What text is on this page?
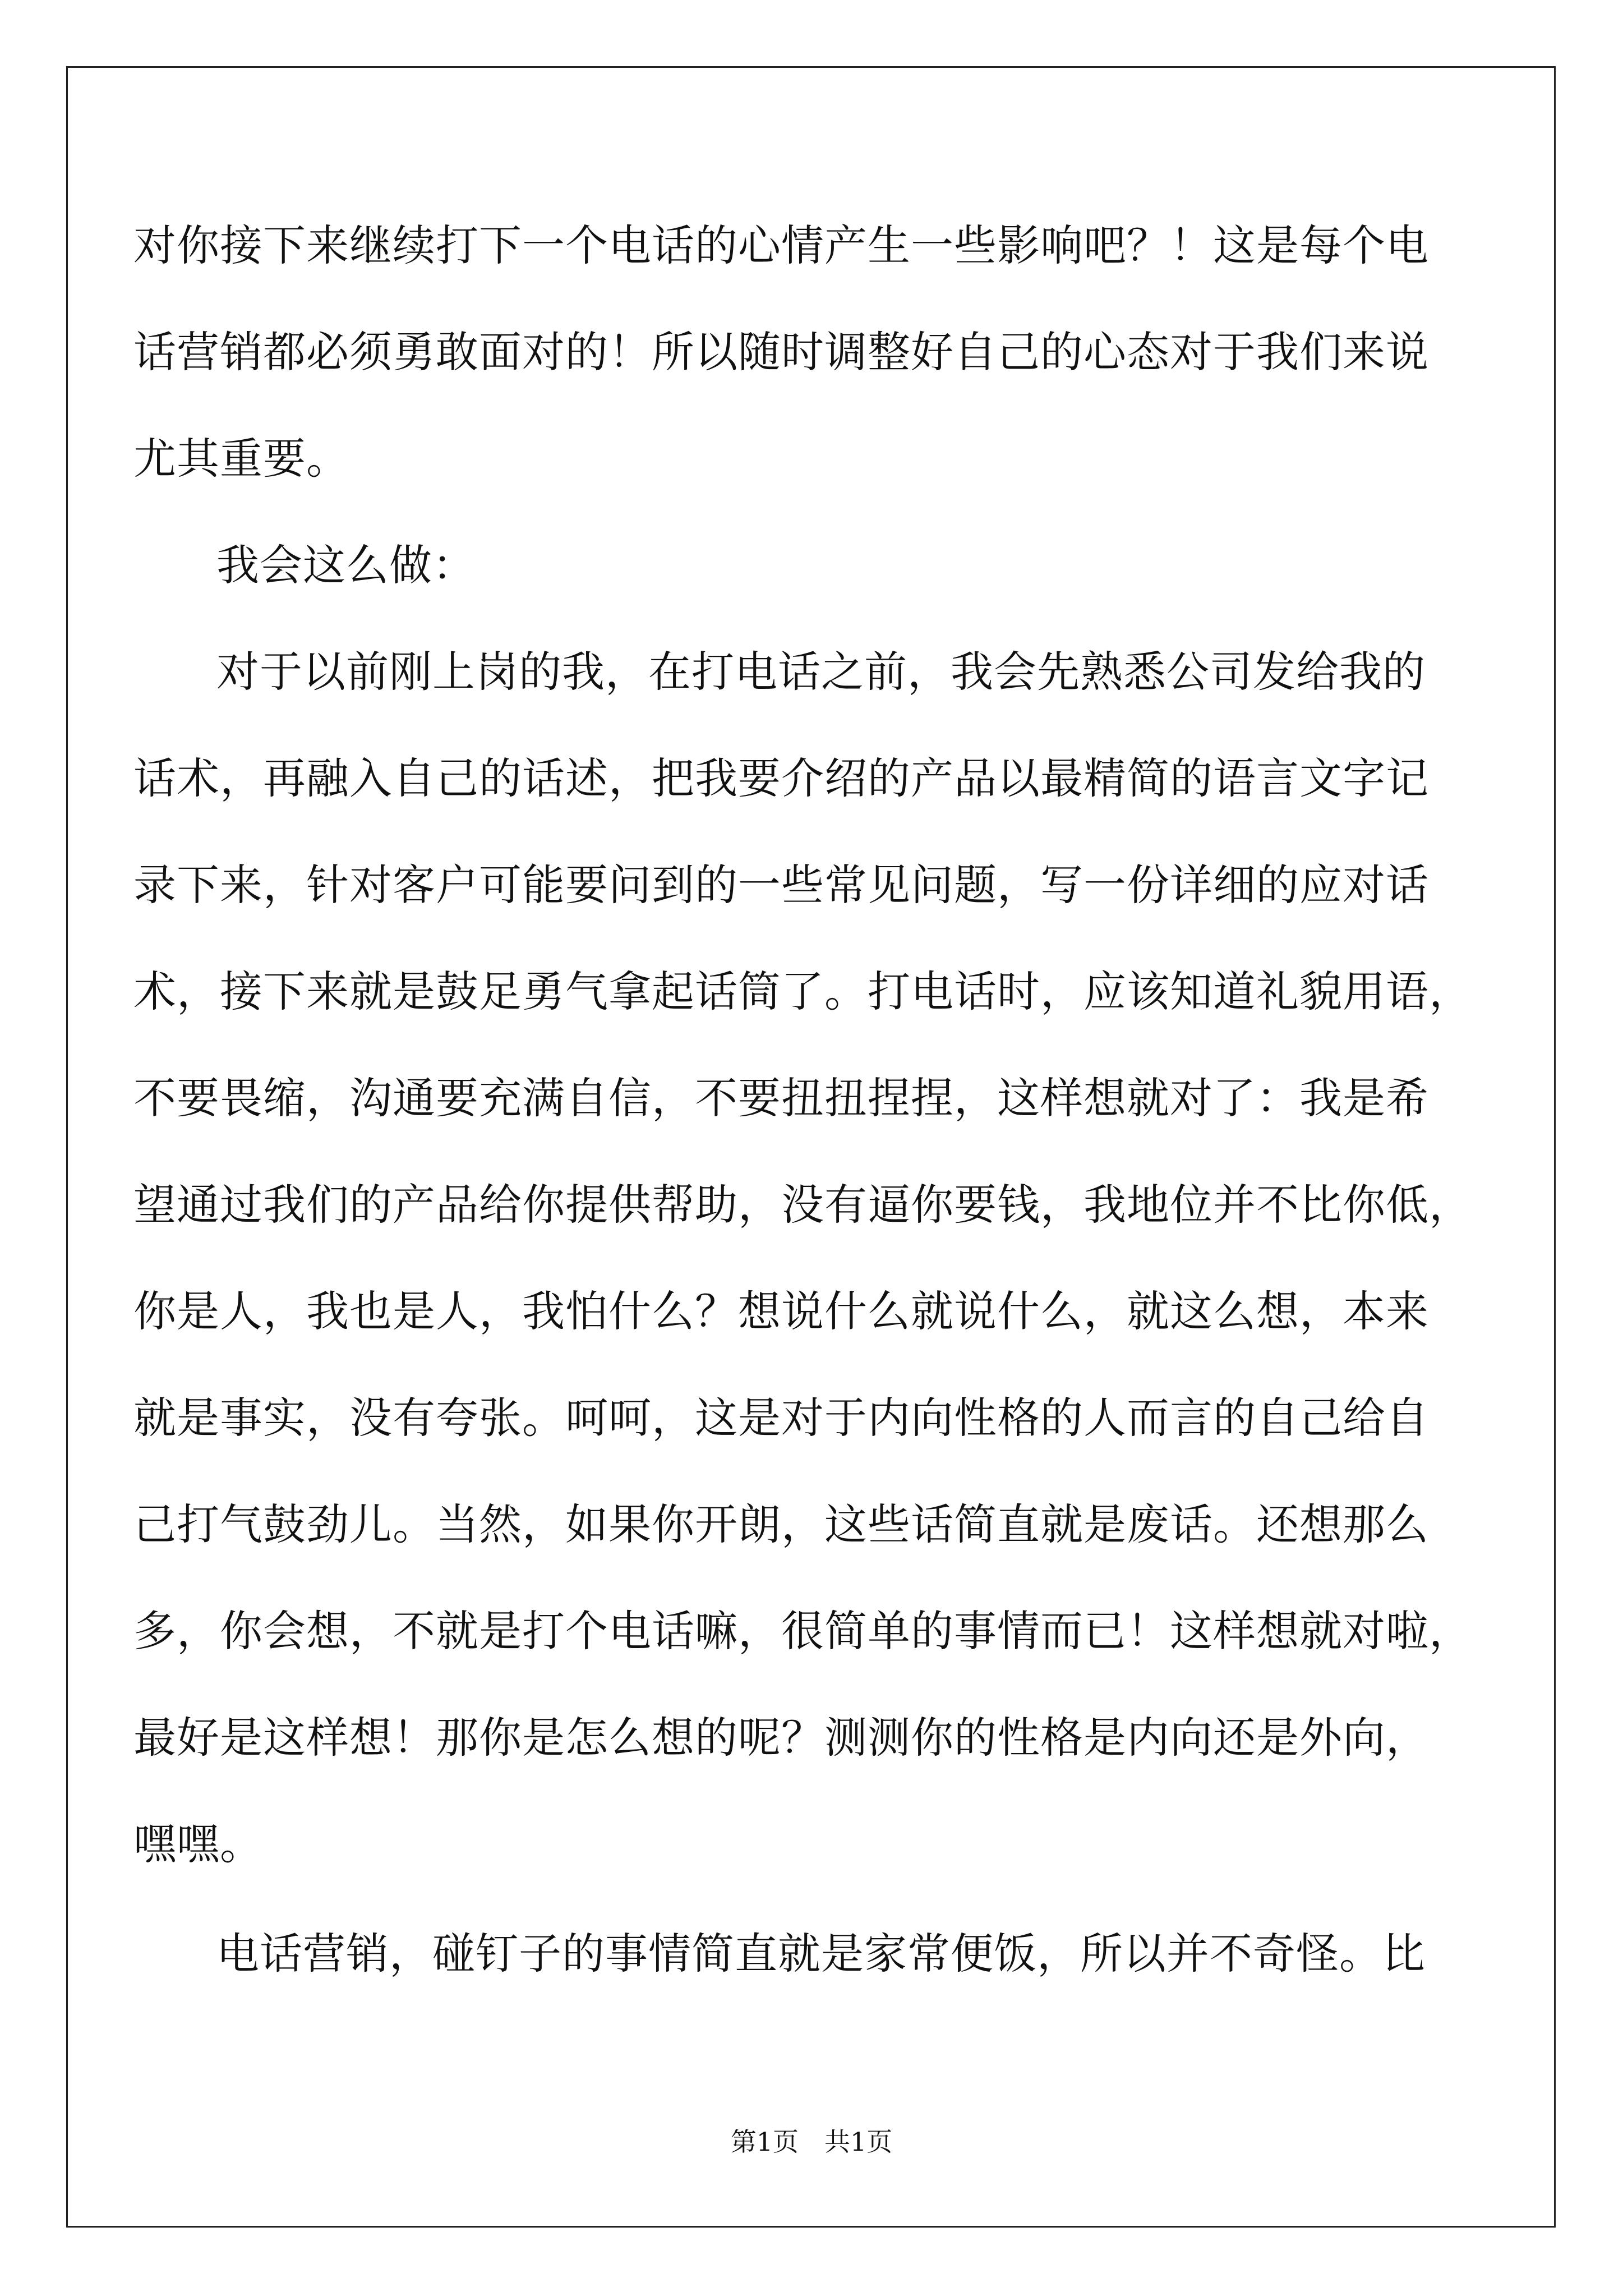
对你接下来继续打下一个电话的心情产生一些影响吧？！这是每个电
话营销都必须勇敢面对的！所以随时调整好自己的心态对于我们来说
尤其重要。
我会这么做：
对于以前刚上岗的我，在打电话之前，我会先熟悉公司发给我的
话术，再融入自己的话述，把我要介绍的产品以最精简的语言文字记
录下来，针对客户可能要问到的一些常见问题，写一份详细的应对话
术，接下来就是鼓足勇气拿起话筒了。打电话时，应该知道礼貌用语，
不要畏缩，沟通要充满自信，不要扭扭捏捏，这样想就对了：我是希
望通过我们的产品给你提供帮助，没有逼你要钱，我地位并不比你低，
你是人，我也是人，我怕什么？想说什么就说什么，就这么想，本来
就是事实，没有夸张。呵呵，这是对于内向性格的人而言的自己给自
己打气鼓劲儿。当然，如果你开朗，这些话简直就是废话。还想那么
多，你会想，不就是打个电话嘛，很简单的事情而已！这样想就对啦，
最好是这样想！那你是怎么想的呢？测测你的性格是内向还是外向，
嘿嘿。
电话营销，碰钉子的事情简直就是家常便饭，所以并不奇怪。比
第1页 共1页
